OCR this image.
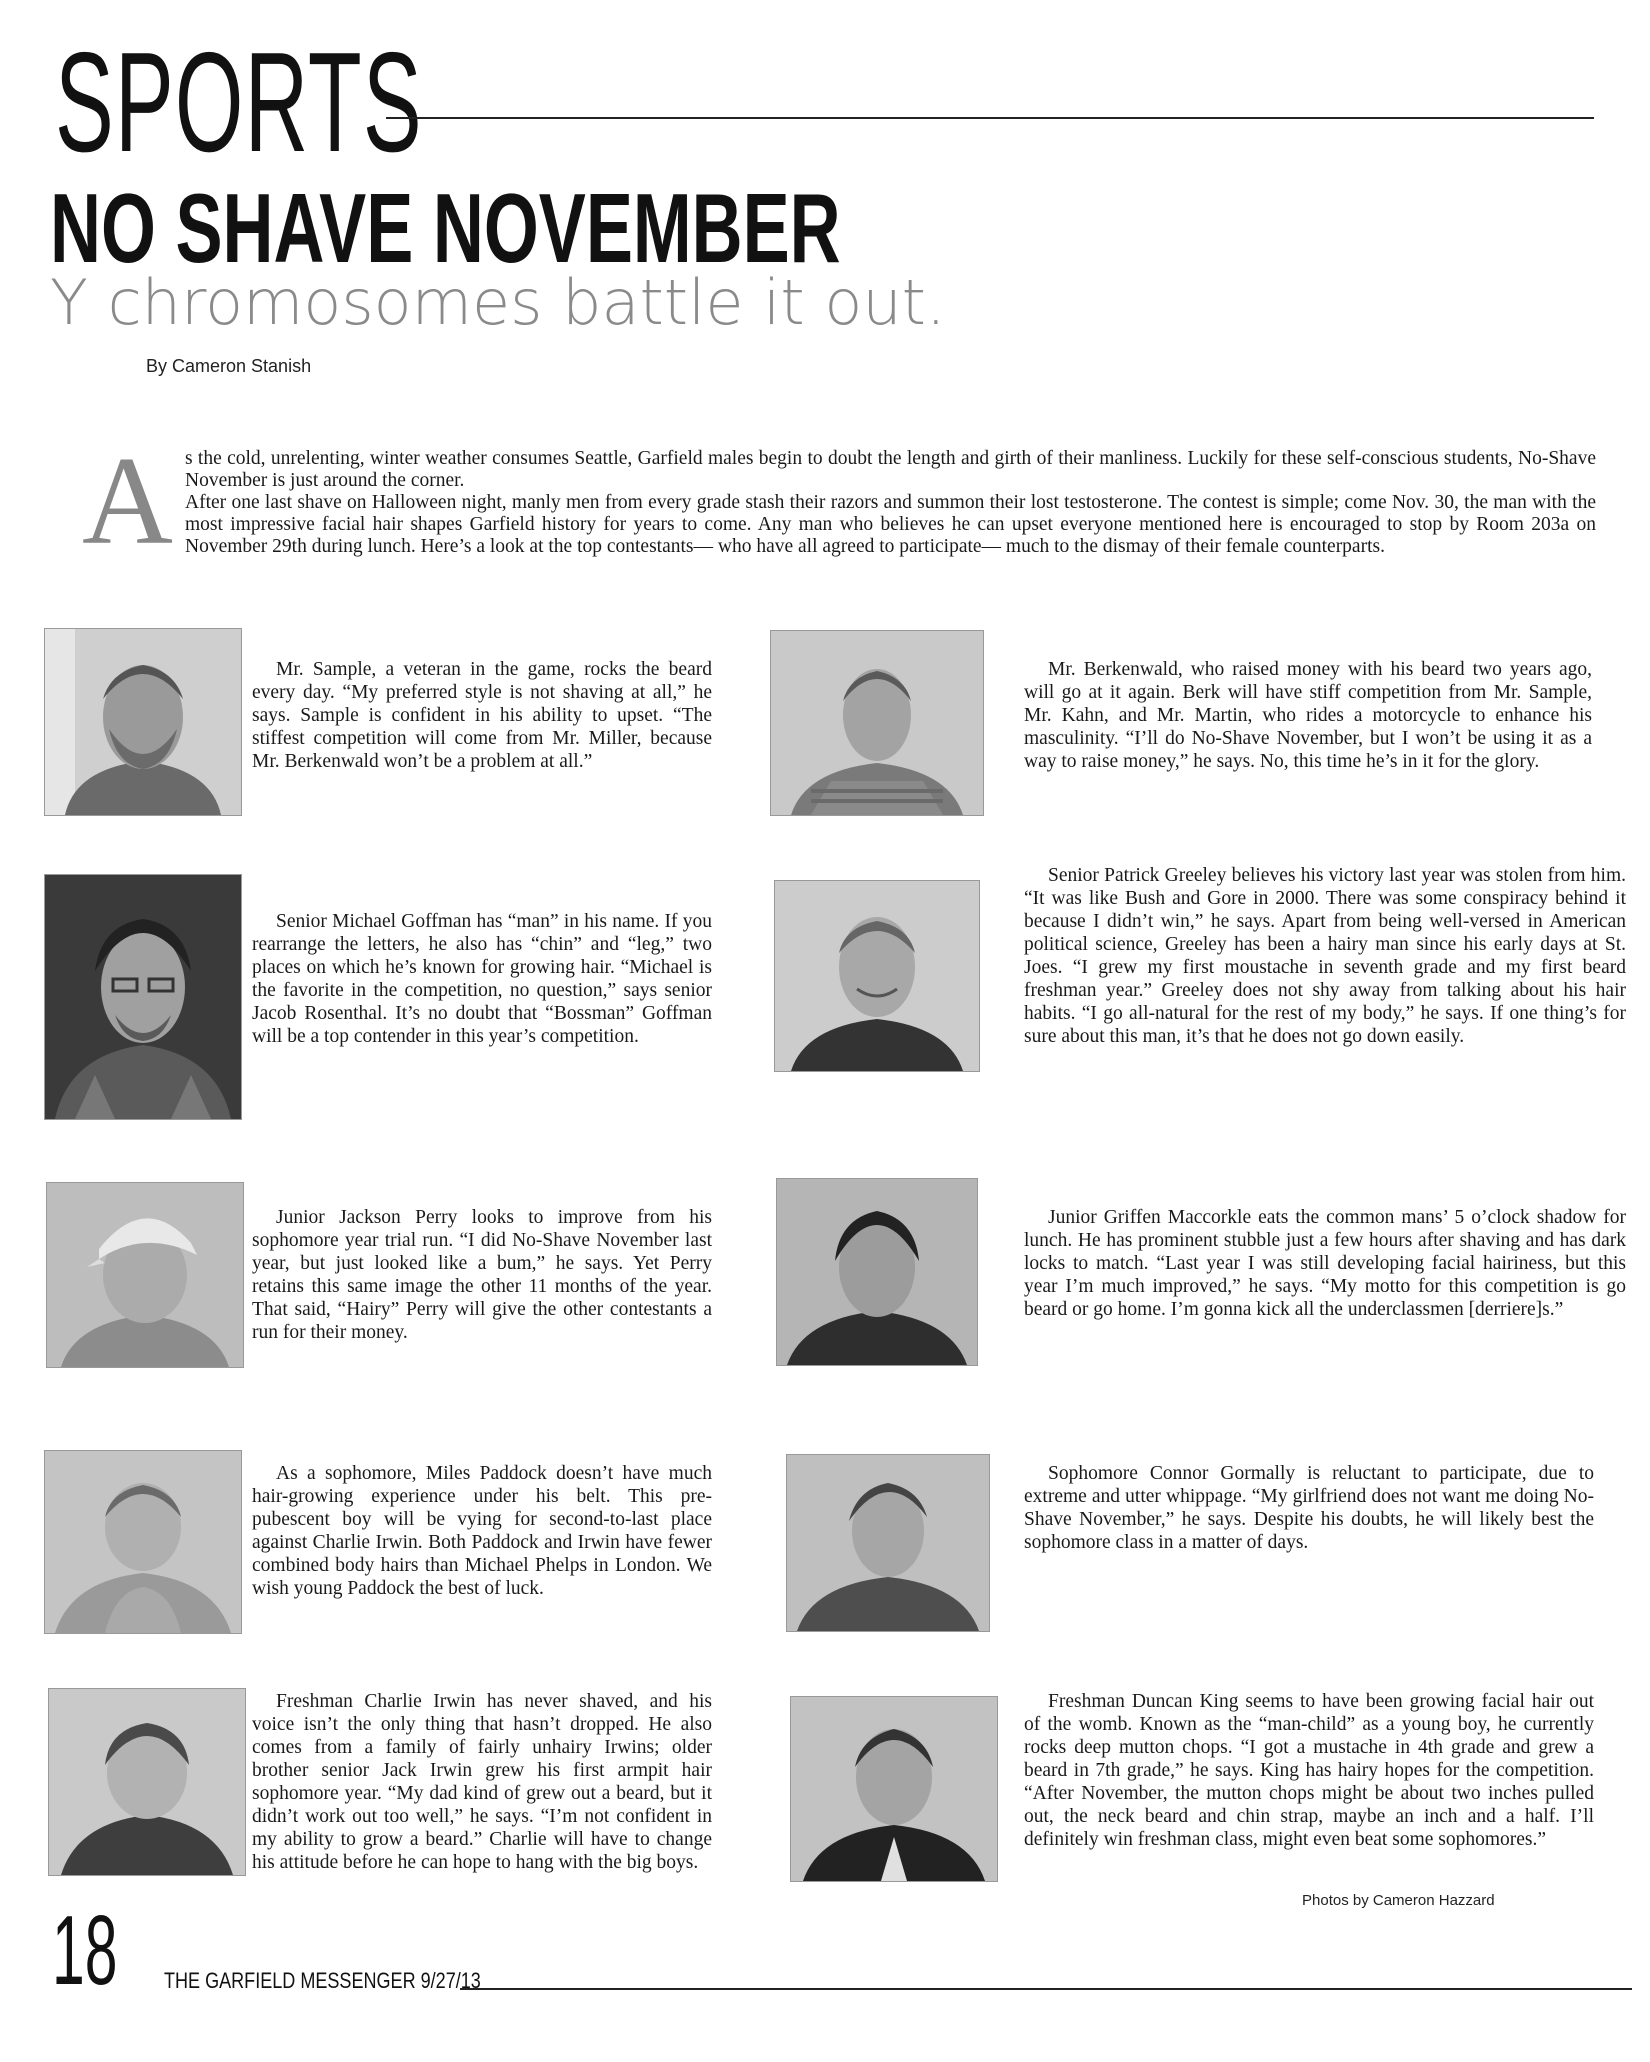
SPORTS
NO SHAVE NOVEMBER
Y chromosomes battle it out.
By Cameron Stanish
A s the cold, unrelenting, winter weather consumes Seattle, Garfield males begin to doubt the length and girth of their manliness. Luckily for these self-conscious students, No-Shave November is just around the corner.

After one last shave on Halloween night, manly men from every grade stash their razors and summon their lost testosterone. The contest is simple; come Nov. 30, the man with the most impressive facial hair shapes Garfield history for years to come. Any man who believes he can upset everyone mentioned here is encouraged to stop by Room 203a on November 29th during lunch. Here’s a look at the top contestants— who have all agreed to participate— much to the dismay of their female counterparts.

Mr. Sample, a veteran in the game, rocks the beard every day. “My preferred style is not shaving at all,” he says. Sample is confident in his ability to upset. “The stiffest competition will come from Mr. Miller, because Mr. Berkenwald won’t be a problem at all.”
Mr. Berkenwald, who raised money with his beard two years ago, will go at it again. Berk will have stiff competition from Mr. Sample, Mr. Kahn, and Mr. Martin, who rides a motorcycle to enhance his masculinity. “I’ll do No-Shave November, but I won’t be using it as a way to raise money,” he says. No, this time he’s in it for the glory.
Senior Michael Goffman has “man” in his name. If you rearrange the letters, he also has “chin” and “leg,” two places on which he’s known for growing hair. “Michael is the favorite in the competition, no question,” says senior Jacob Rosenthal. It’s no doubt that “Bossman” Goffman will be a top contender in this year’s competition.
Senior Patrick Greeley believes his victory last year was stolen from him. “It was like Bush and Gore in 2000. There was some conspiracy behind it because I didn’t win,” he says. Apart from being well-versed in American political science, Greeley has been a hairy man since his early days at St. Joes. “I grew my first moustache in seventh grade and my first beard freshman year.” Greeley does not shy away from talking about his hair habits. “I go all-natural for the rest of my body,” he says. If one thing’s for sure about this man, it’s that he does not go down easily.
Junior Jackson Perry looks to improve from his sophomore year trial run. “I did No-Shave November last year, but just looked like a bum,” he says. Yet Perry retains this same image the other 11 months of the year. That said, “Hairy” Perry will give the other contestants a run for their money.
Junior Griffen Maccorkle eats the common mans’ 5 o’clock shadow for lunch. He has prominent stubble just a few hours after shaving and has dark locks to match. “Last year I was still developing facial hairiness, but this year I’m much improved,” he says. “My motto for this competition is go beard or go home. I’m gonna kick all the underclassmen [derriere]s.”
As a sophomore, Miles Paddock doesn’t have much hair-growing experience under his belt. This pre-pubescent boy will be vying for second-to-last place against Charlie Irwin. Both Paddock and Irwin have fewer combined body hairs than Michael Phelps in London. We wish young Paddock the best of luck.
Sophomore Connor Gormally is reluctant to participate, due to extreme and utter whippage. “My girlfriend does not want me doing No-Shave November,” he says. Despite his doubts, he will likely best the sophomore class in a matter of days.
Freshman Charlie Irwin has never shaved, and his voice isn’t the only thing that hasn’t dropped. He also comes from a family of fairly unhairy Irwins; older brother senior Jack Irwin grew his first armpit hair sophomore year. “My dad kind of grew out a beard, but it didn’t work out too well,” he says. “I’m not confident in my ability to grow a beard.” Charlie will have to change his attitude before he can hope to hang with the big boys.
Freshman Duncan King seems to have been growing facial hair out of the womb. Known as the “man-child” as a young boy, he currently rocks deep mutton chops. “I got a mustache in 4th grade and grew a beard in 7th grade,” he says. King has hairy hopes for the competition. “After November, the mutton chops might be about two inches pulled out, the neck beard and chin strap, maybe an inch and a half. I’ll definitely win freshman class, might even beat some sophomores.”
Photos by Cameron Hazzard
18 THE GARFIELD MESSENGER 9/27/13
